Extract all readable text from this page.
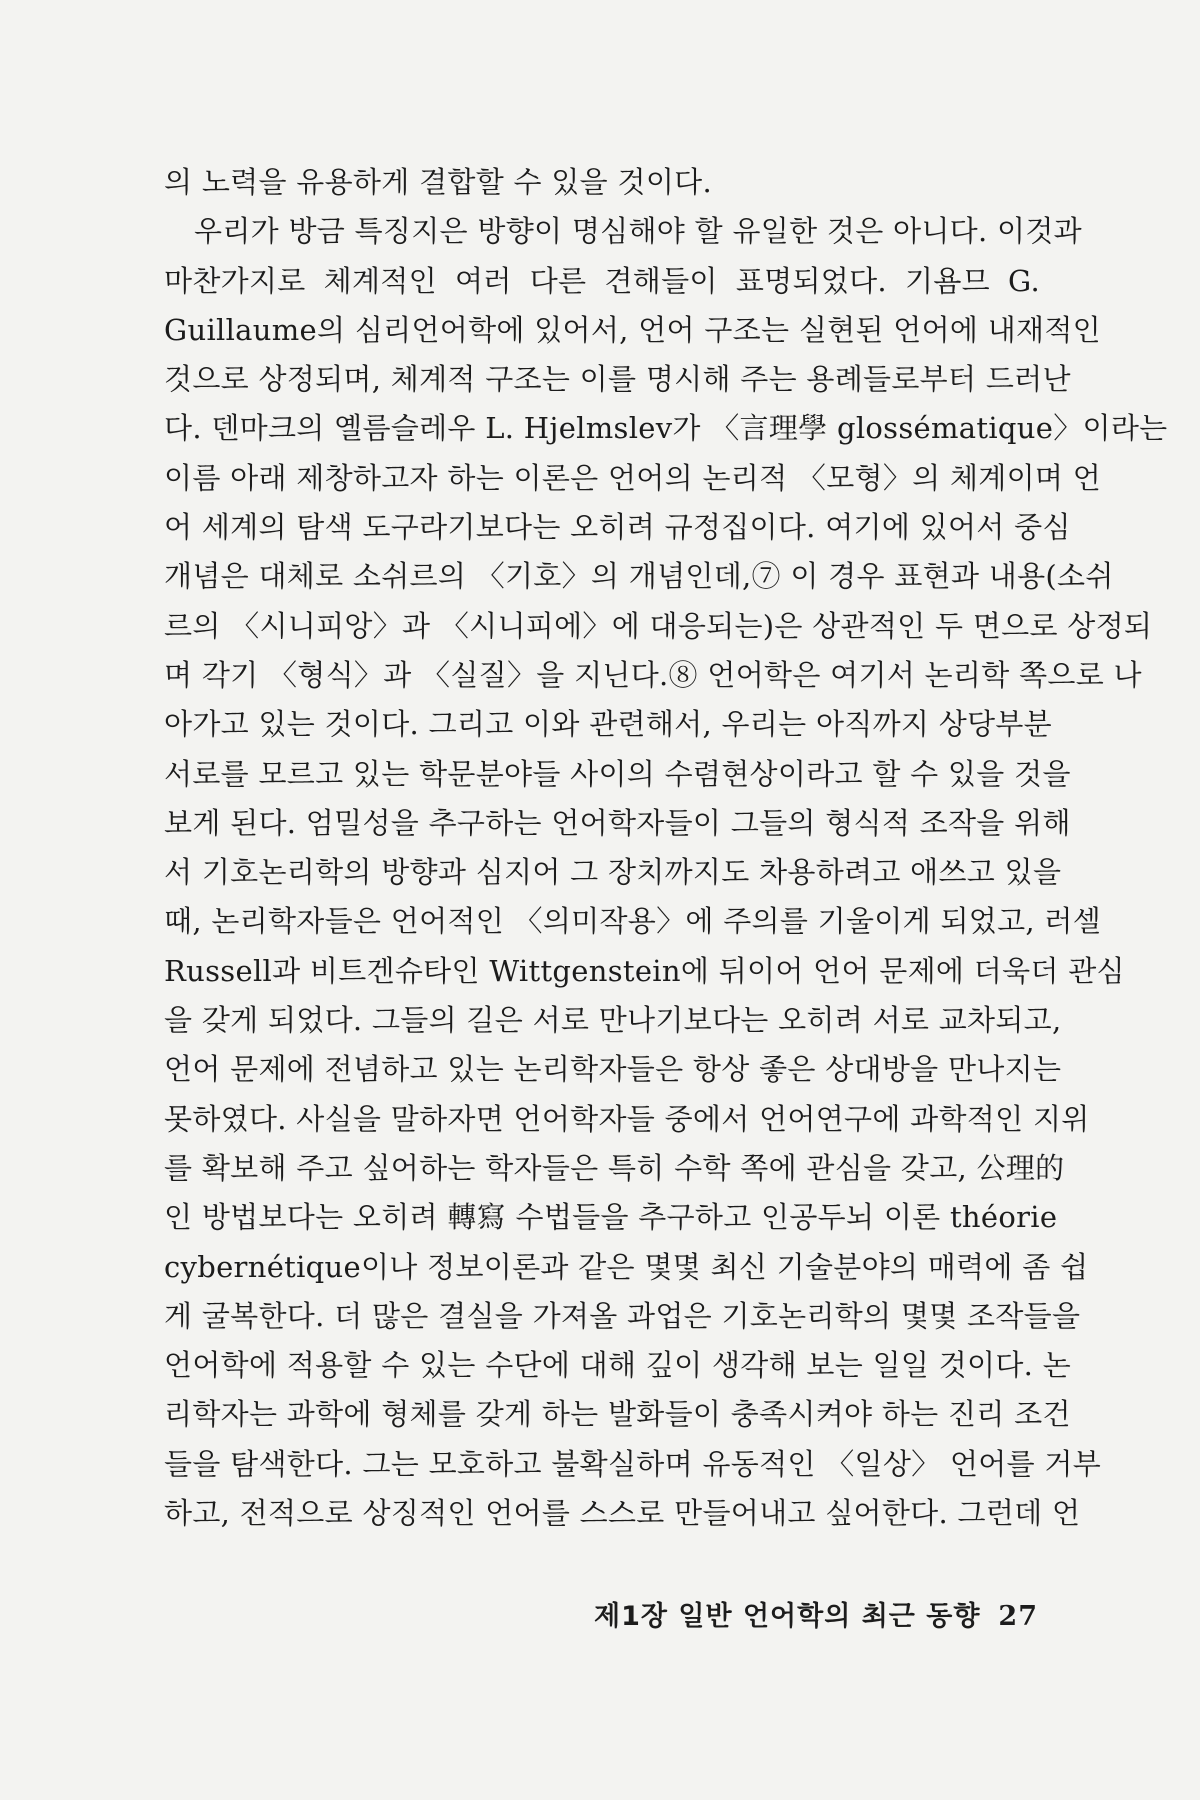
의 노력을 유용하게 결합할 수 있을 것이다.
우리가 방금 특징지은 방향이 명심해야 할 유일한 것은 아니다. 이것과
마찬가지로 체계적인 여러 다른 견해들이 표명되었다. 기욤므 G.
Guillaume의 심리언어학에 있어서, 언어 구조는 실현된 언어에 내재적인
것으로 상정되며, 체계적 구조는 이를 명시해 주는 용례들로부터 드러난
다. 덴마크의 옐름슬레우 L. Hjelmslev가 〈言理學 glossématique〉이라는
이름 아래 제창하고자 하는 이론은 언어의 논리적 〈모형〉의 체계이며 언
어 세계의 탐색 도구라기보다는 오히려 규정집이다. 여기에 있어서 중심
개념은 대체로 소쉬르의 〈기호〉의 개념인데,⑦ 이 경우 표현과 내용(소쉬
르의 〈시니피앙〉과 〈시니피에〉에 대응되는)은 상관적인 두 면으로 상정되
며 각기 〈형식〉과 〈실질〉을 지닌다.⑧ 언어학은 여기서 논리학 쪽으로 나
아가고 있는 것이다. 그리고 이와 관련해서, 우리는 아직까지 상당부분
서로를 모르고 있는 학문분야들 사이의 수렴현상이라고 할 수 있을 것을
보게 된다. 엄밀성을 추구하는 언어학자들이 그들의 형식적 조작을 위해
서 기호논리학의 방향과 심지어 그 장치까지도 차용하려고 애쓰고 있을
때, 논리학자들은 언어적인 〈의미작용〉에 주의를 기울이게 되었고, 러셀
Russell과 비트겐슈타인 Wittgenstein에 뒤이어 언어 문제에 더욱더 관심
을 갖게 되었다. 그들의 길은 서로 만나기보다는 오히려 서로 교차되고,
언어 문제에 전념하고 있는 논리학자들은 항상 좋은 상대방을 만나지는
못하였다. 사실을 말하자면 언어학자들 중에서 언어연구에 과학적인 지위
를 확보해 주고 싶어하는 학자들은 특히 수학 쪽에 관심을 갖고, 公理的
인 방법보다는 오히려 轉寫 수법들을 추구하고 인공두뇌 이론 théorie
cybernétique이나 정보이론과 같은 몇몇 최신 기술분야의 매력에 좀 쉽
게 굴복한다. 더 많은 결실을 가져올 과업은 기호논리학의 몇몇 조작들을
언어학에 적용할 수 있는 수단에 대해 깊이 생각해 보는 일일 것이다. 논
리학자는 과학에 형체를 갖게 하는 발화들이 충족시켜야 하는 진리 조건
들을 탐색한다. 그는 모호하고 불확실하며 유동적인 〈일상〉 언어를 거부
하고, 전적으로 상징적인 언어를 스스로 만들어내고 싶어한다. 그런데 언
제1장 일반 언어학의 최근 동향 27
